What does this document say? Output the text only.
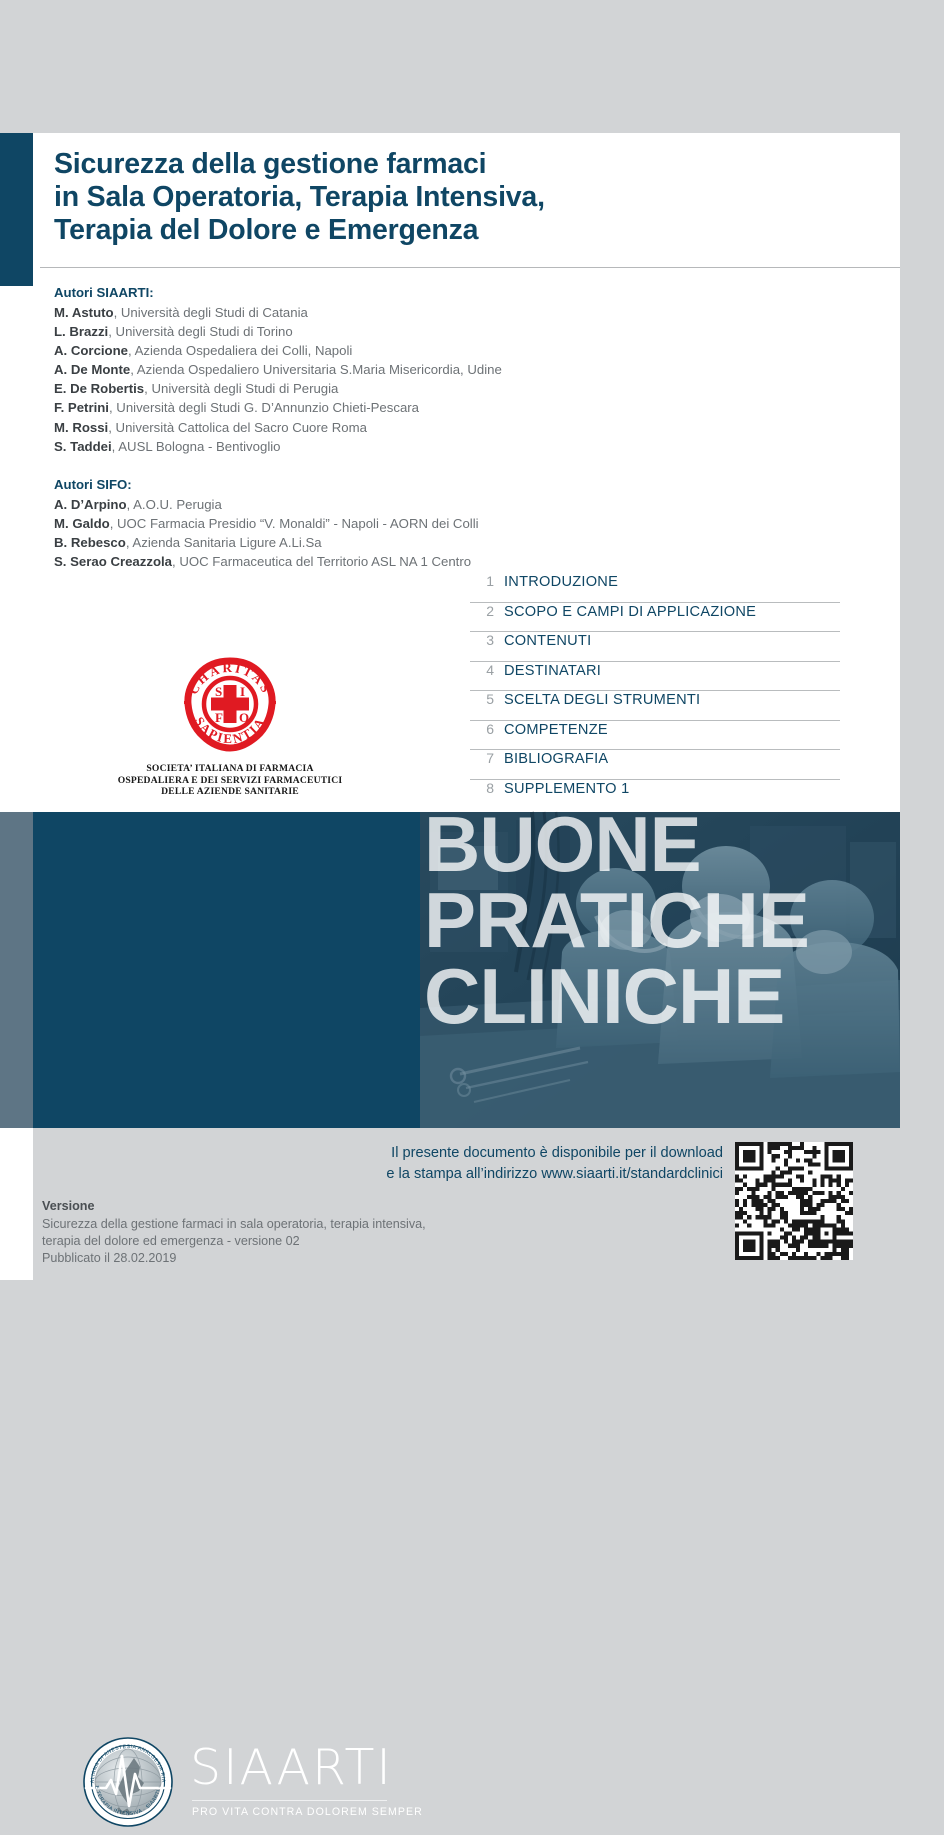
Sicurezza della gestione farmaci
in Sala Operatoria, Terapia Intensiva,
Terapia del Dolore e Emergenza
Autori SIAARTI:
M. Astuto, Università degli Studi di Catania
L. Brazzi, Università degli Studi di Torino
A. Corcione, Azienda Ospedaliera dei Colli, Napoli
A. De Monte, Azienda Ospedaliero Universitaria S.Maria Misericordia, Udine
E. De Robertis, Università degli Studi di Perugia
F. Petrini, Università degli Studi G. D’Annunzio Chieti-Pescara
M. Rossi, Università Cattolica del Sacro Cuore Roma
S. Taddei, AUSL Bologna - Bentivoglio
Autori SIFO:
A. D’Arpino, A.O.U. Perugia
M. Galdo, UOC Farmacia Presidio “V. Monaldi” - Napoli - AORN dei Colli
B. Rebesco, Azienda Sanitaria Ligure A.Li.Sa
S. Serao Creazzola, UOC Farmaceutica del Territorio ASL NA 1 Centro
CHARITAS
SAPIENTIA
S I
F O
SOCIETA’ ITALIANA DI FARMACIA
OSPEDALIERA E DEI SERVIZI FARMACEUTICI
DELLE AZIENDE SANITARIE
1 INTRODUZIONE
2 SCOPO E CAMPI DI APPLICAZIONE
3 CONTENUTI
4 DESTINATARI
5 SCELTA DEGLI STRUMENTI
6 COMPETENZE
7 BIBLIOGRAFIA
8 SUPPLEMENTO 1
BUONE
PRATICHE
CLINICHE
ALIANA DI ANESTESIA ANALGESIA RIA
E TERAPIA INTENSIVA · SIAARTI · SIAARTI
PRO VITA CONTRA DOLOREM SEMPER
Il presente documento è disponibile per il download
e la stampa all’indirizzo www.siaarti.it/standardclinici
Versione
Sicurezza della gestione farmaci in sala operatoria, terapia intensiva,
terapia del dolore ed emergenza - versione 02
Pubblicato il 28.02.2019
